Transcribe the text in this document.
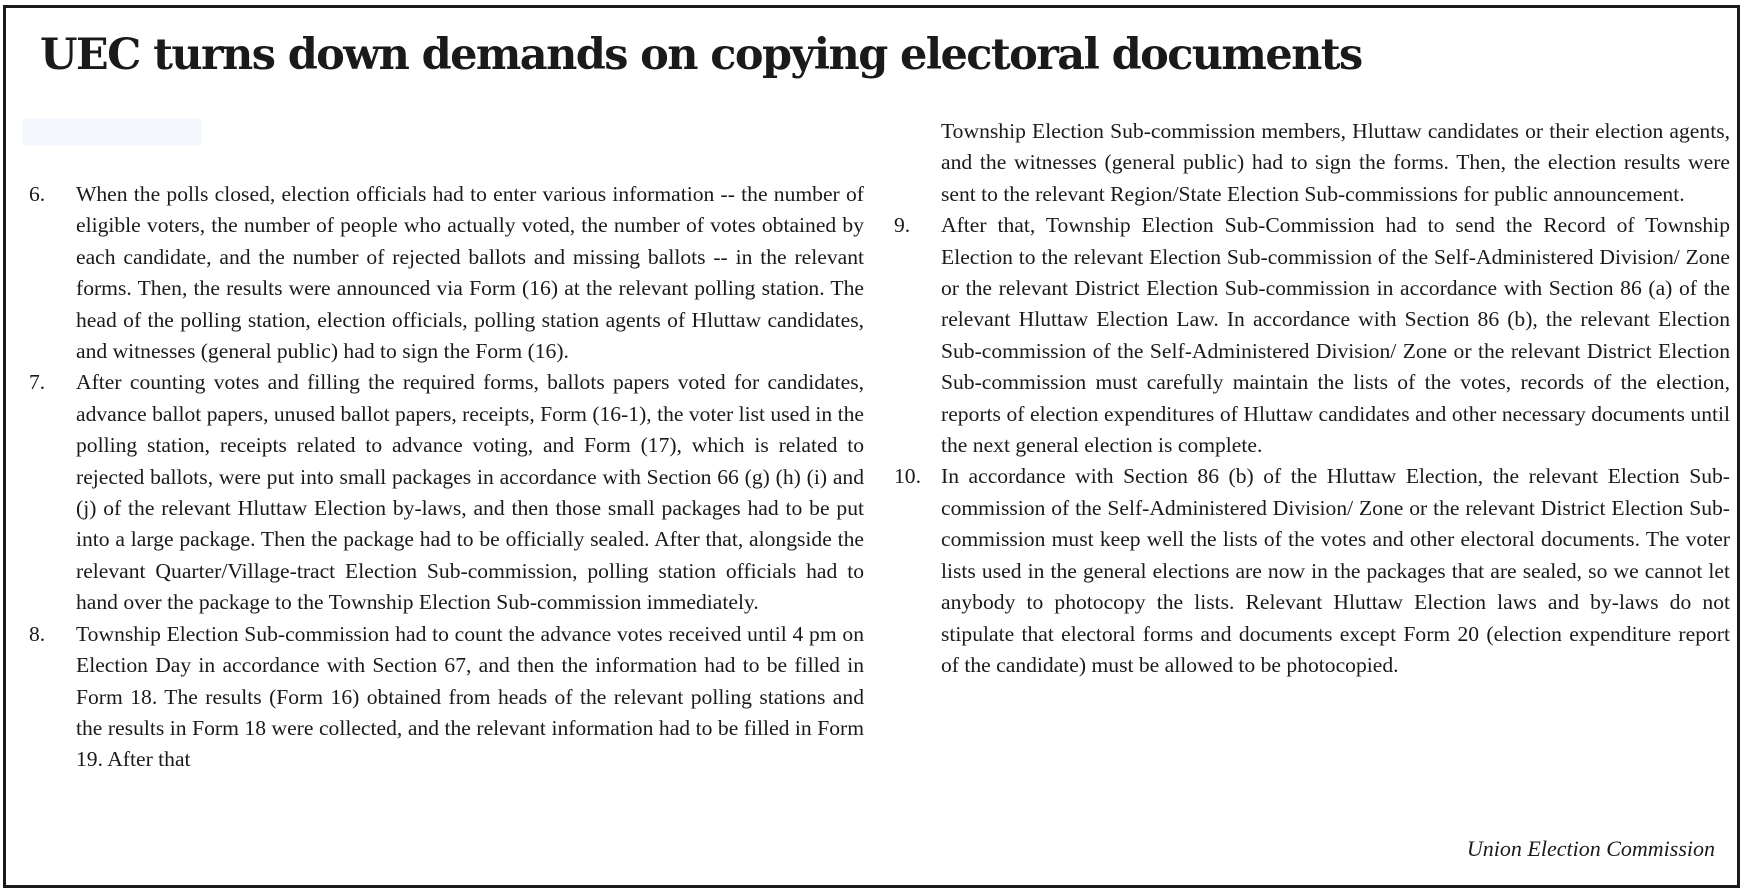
UEC turns down demands on copying electoral documents
6. When the polls closed, election officials had to enter various information -- the number of eligible voters, the number of people who actually voted, the number of votes obtained by each candidate, and the number of rejected ballots and missing ballots -- in the relevant forms. Then, the results were announced via Form (16) at the relevant polling station. The head of the polling station, election officials, polling station agents of Hluttaw candidates, and witnesses (general public) had to sign the Form (16).
7. After counting votes and filling the required forms, ballots papers voted for candidates, advance ballot papers, unused ballot papers, receipts, Form (16-1), the voter list used in the polling station, receipts related to advance voting, and Form (17), which is related to rejected ballots, were put into small packages in accordance with Section 66 (g) (h) (i) and (j) of the relevant Hluttaw Election by-laws, and then those small packages had to be put into a large package. Then the package had to be officially sealed. After that, alongside the relevant Quarter/Village-tract Election Sub-commission, polling station officials had to hand over the package to the Township Election Sub-commission immediately.
8. Township Election Sub-commission had to count the advance votes received until 4 pm on Election Day in accordance with Section 67, and then the information had to be filled in Form 18. The results (Form 16) obtained from heads of the relevant polling stations and the results in Form 18 were collected, and the relevant information had to be filled in Form 19. After that

Township Election Sub-commission members, Hluttaw candidates or their election agents, and the witnesses (general public) had to sign the forms. Then, the election results were sent to the relevant Region/State Election Sub-commissions for public announcement.

9. After that, Township Election Sub-Commission had to send the Record of Township Election to the relevant Election Sub-commission of the Self-Administered Division/ Zone or the relevant District Election Sub-commission in accordance with Section 86 (a) of the relevant Hluttaw Election Law. In accordance with Section 86 (b), the relevant Election Sub-commission of the Self-Administered Division/ Zone or the relevant District Election Sub-commission must carefully maintain the lists of the votes, records of the election, reports of election expenditures of Hluttaw candidates and other necessary documents until the next general election is complete.
10. In accordance with Section 86 (b) of the Hluttaw Election, the relevant Election Sub-commission of the Self-Administered Division/ Zone or the relevant District Election Sub-commission must keep well the lists of the votes and other electoral documents. The voter lists used in the general elections are now in the packages that are sealed, so we cannot let anybody to photocopy the lists. Relevant Hluttaw Election laws and by-laws do not stipulate that electoral forms and documents except Form 20 (election expenditure report of the candidate) must be allowed to be photocopied.
Union Election Commission
